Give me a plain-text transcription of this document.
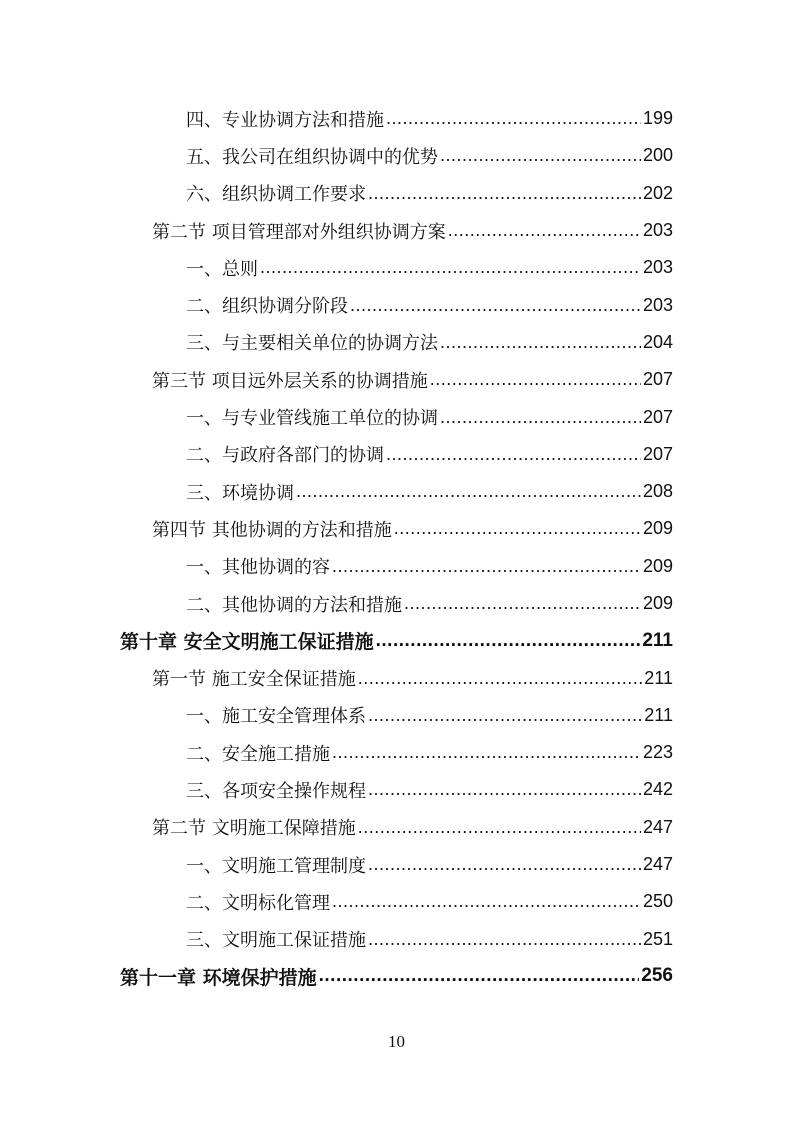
四、专业协调方法和措施 .....	199
五、我公司在组织协调中的优势 .....	200
六、组织协调工作要求 .....	202
第二节 项目管理部对外组织协调方案 .....	203
一、总则 .....	203
二、组织协调分阶段 .....	203
三、与主要相关单位的协调方法 .....	204
第三节 项目远外层关系的协调措施 .....	207
一、与专业管线施工单位的协调 .....	207
二、与政府各部门的协调 .....	207
三、环境协调 .....	208
第四节 其他协调的方法和措施 .....	209
一、其他协调的容 .....	209
二、其他协调的方法和措施 .....	209
第十章 安全文明施工保证措施 .....	211
第一节 施工安全保证措施 .....	211
一、施工安全管理体系 .....	211
二、安全施工措施 .....	223
三、各项安全操作规程 .....	242
第二节 文明施工保障措施 .....	247
一、文明施工管理制度 .....	247
二、文明标化管理 .....	250
三、文明施工保证措施 .....	251
第十一章 环境保护措施 .....	256
10
